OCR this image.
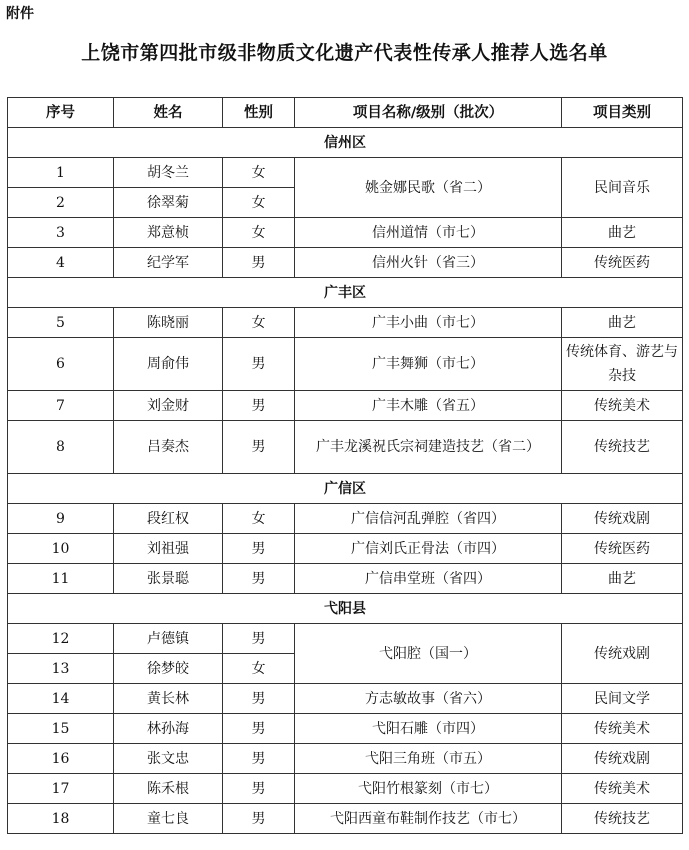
附件
上饶市第四批市级非物质文化遗产代表性传承人推荐人选名单
序号	姓名	性别	项目名称/级别（批次）	项目类别
信州区				
1	胡冬兰	女	姚金娜民歌（省二）	民间音乐
2	徐翠菊	女		
3	郑意桢	女	信州道情（市七）	曲艺
4	纪学军	男	信州火针（省三）	传统医药
广丰区				
5	陈晓丽	女	广丰小曲（市七）	曲艺
6	周俞伟	男	广丰舞狮（市七）	传统体育、游艺与杂技
7	刘金财	男	广丰木雕（省五）	传统美术
8	吕奏杰	男	广丰龙溪祝氏宗祠建造技艺（省二）	传统技艺
广信区				
9	段红权	女	广信信河乱弹腔（省四）	传统戏剧
10	刘祖强	男	广信刘氏正骨法（市四）	传统医药
11	张景聪	男	广信串堂班（省四）	曲艺
弋阳县				
12	卢德镇	男	弋阳腔（国一）	传统戏剧
13	徐梦皎	女		
14	黄长林	男	方志敏故事（省六）	民间文学
15	林孙海	男	弋阳石雕（市四）	传统美术
16	张文忠	男	弋阳三角班（市五）	传统戏剧
17	陈禾根	男	弋阳竹根篆刻（市七）	传统美术
18	童七良	男	弋阳西童布鞋制作技艺（市七）	传统技艺
